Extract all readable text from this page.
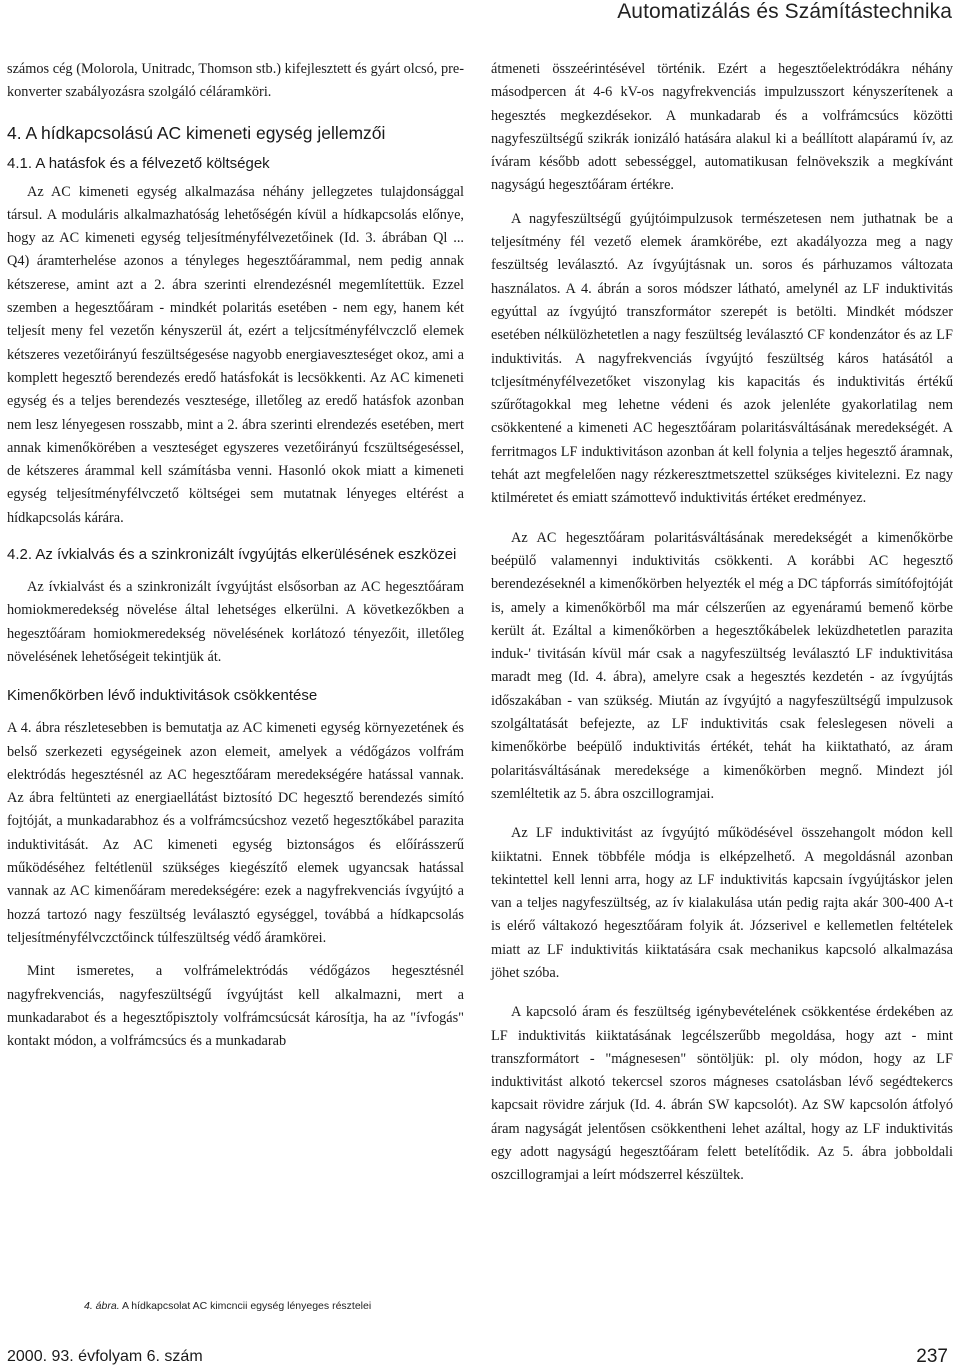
Automatizálás és Számítástechnika

számos cég (Molorola, Unitradc, Thomson stb.) kifejlesztett és gyárt olcsó, pre-konverter szabályozásra szolgáló céláramköri.

4. A hídkapcsolású AC kimeneti egység jellemzői
4.1. A hatásfok és a félvezető költségek

Az AC kimeneti egység alkalmazása néhány jellegzetes tulajdonsággal társul. A moduláris alkalmazhatóság lehetőségén kívül a hídkapcsolás előnye, hogy az AC kimeneti egység teljesítményfélvezetőinek (Id. 3. ábrában Ql ... Q4) áramterhelése azonos a tényleges hegesztőárammal, nem pedig annak kétszerese, amint azt a 2. ábra szerinti elrendezésnél megemlítettük. Ezzel szemben a hegesztőáram - mindkét polaritás esetében - nem egy, hanem két teljesít meny fel vezetőn kényszerül át, ezért a teljcsítményfélvczclő elemek kétszeres vezetőirányú feszültségesése nagyobb energiaveszteséget okoz, ami a komplett hegesztő berendezés eredő hatásfokát is lecsökkenti. Az AC kimeneti egység és a teljes berendezés vesztesége, illetőleg az eredő hatásfok azonban nem lesz lényegesen rosszabb, mint a 2. ábra szerinti elrendezés esetében, mert annak kimenőkörében a veszteséget egyszeres vezetőirányú fcszültségeséssel, de kétszeres árammal kell számításba venni. Hasonló okok miatt a kimeneti egység teljesítményfélvczető költségei sem mutatnak lényeges eltérést a hídkapcsolás kárára.

4.2. Az ívkialvás és a szinkronizált ívgyújtás elkerülésének eszközei

Az ívkialvást és a szinkronizált ívgyújtást elsősorban az AC hegesztőáram homiokmeredekség növelése által lehetséges elkerülni. A következőkben a hegesztőáram homiokmeredekség növelésének korlátozó tényezőit, illetőleg növelésének lehetőségeit tekintjük át.

Kimenőkörben lévő induktivitások csökkentése

A 4. ábra részletesebben is bemutatja az AC kimeneti egység környezetének és belső szerkezeti egységeinek azon elemeit, amelyek a védőgázos volfrám elektródás hegesztésnél az AC hegesztőáram meredekségére hatással vannak. Az ábra feltünteti az energiaellátást biztosító DC hegesztő berendezés simító fojtóját, a munkadarabhoz és a volfrámcsúcshoz vezető hegesztőkábel parazita induktivitását. Az AC kimeneti egység biztonságos és előírásszerű működéséhez feltétlenül szükséges kiegészítő elemek ugyancsak hatással vannak az AC kimenőáram meredekségére: ezek a nagyfrekvenciás ívgyújtó a hozzá tartozó nagy feszültség leválasztó egységgel, továbbá a hídkapcsolás teljesítményfélvczctőinck túlfeszültség védő áramkörei.

Mint ismeretes, a volfrámelektródás védőgázos hegesztésnél nagyfrekvenciás, nagyfeszültségű ívgyújtást kell alkalmazni, mert a munkadarabot és a hegesztőpisztoly volfrámcsúcsát károsítja, ha az "ívfogás" kontakt módon, a volfrámcsúcs és a munkadarab

4. ábra. A hídkapcsolat AC kimcncii egység lényeges résztelei

átmeneti összeérintésével történik. Ezért a hegesztőelektródákra néhány másodpercen át 4-6 kV-os nagyfrekvenciás impulzusszort kényszerítenek a hegesztés megkezdésekor. A munkadarab és a volfrámcsúcs közötti nagyfeszültségű szikrák ionizáló hatására alakul ki a beállított alapáramú ív, az íváram később adott sebességgel, automatikusan felnövekszik a megkívánt nagyságú hegesztőáram értékre.

A nagyfeszültségű gyújtóimpulzusok természetesen nem juthatnak be a teljesítmény fél vezető elemek áramkörébe, ezt akadályozza meg a nagy feszültség leválasztó. Az ívgyújtásnak un. soros és párhuzamos változata használatos. A 4. ábrán a soros módszer látható, amelynél az LF induktivitás egyúttal az ívgyújtó transzformátor szerepét is betölti. Mindkét módszer esetében nélkülözhetetlen a nagy feszültség leválasztó CF kondenzátor és az LF induktivitás. A nagyfrekvenciás ívgyújtó feszültség káros hatásától a tcljesítményfélvezetőket viszonylag kis kapacitás és induktivitás értékű szűrőtagokkal meg lehetne védeni és azok jelenléte gyakorlatilag nem csökkentené a kimeneti AC hegesztőáram polaritásváltásának meredekségét. A ferritmagos LF induktivitáson azonban át kell folynia a teljes hegesztő áramnak, tehát azt megfelelően nagy rézkeresztmetszettel szükséges kivitelezni. Ez nagy ktilméretet és emiatt számottevő induktivitás értéket eredményez.

Az AC hegesztőáram polaritásváltásának meredekségét a kimenőkörbe beépülő valamennyi induktivitás csökkenti. A korábbi AC hegesztő berendezéseknél a kimenőkörben helyezték el még a DC tápforrás simítófojtóját is, amely a kimenőkörből ma már célszerűen az egyenáramú bemenő körbe került át. Ezáltal a kimenőkörben a hegesztőkábelek leküzdhetetlen parazita induk-' tivitásán kívül már csak a nagyfeszültség leválasztó LF induktivitása maradt meg (Id. 4. ábra), amelyre csak a hegesztés kezdetén - az ívgyújtás időszakában - van szükség. Miután az ívgyújtó a nagyfeszültségű impulzusok szolgáltatását befejezte, az LF induktivitás csak feleslegesen növeli a kimenőkörbe beépülő induktivitás értékét, tehát ha kiiktatható, az áram polaritásváltásának meredeksége a kimenőkörben megnő. Mindezt jól szemléltetik az 5. ábra oszcillogramjai.

Az LF induktivitást az ívgyújtó működésével összehangolt módon kell kiiktatni. Ennek többféle módja is elképzelhető. A megoldásnál azonban tekintettel kell lenni arra, hogy az LF induktivitás kapcsain ívgyújtáskor jelen van a teljes nagyfeszültség, az ív kialakulása után pedig rajta akár 300-400 A-t is elérő váltakozó hegesztőáram folyik át. Józserivel e kellemetlen feltételek miatt az LF induktivitás kiiktatására csak mechanikus kapcsoló alkalmazása jöhet szóba.

A kapcsoló áram és feszültség igénybevételének csökkentése érdekében az LF induktivitás kiiktatásának legcélszerűbb megoldása, hogy azt - mint transzformátort - "mágnesesen" söntöljük: pl. oly módon, hogy az LF induktivitást alkotó tekercsel szoros mágneses csatolásban lévő segédtekercs kapcsait rövidre zárjuk (Id. 4. ábrán SW kapcsolót). Az SW kapcsolón átfolyó áram nagyságát jelentősen csökkentheni lehet azáltal, hogy az LF induktivitás egy adott nagyságú hegesztőáram felett betelítődik. Az 5. ábra jobboldali oszcillogramjai a leírt módszerrel készültek.

2000. 93. évfolyam 6. szám	237
